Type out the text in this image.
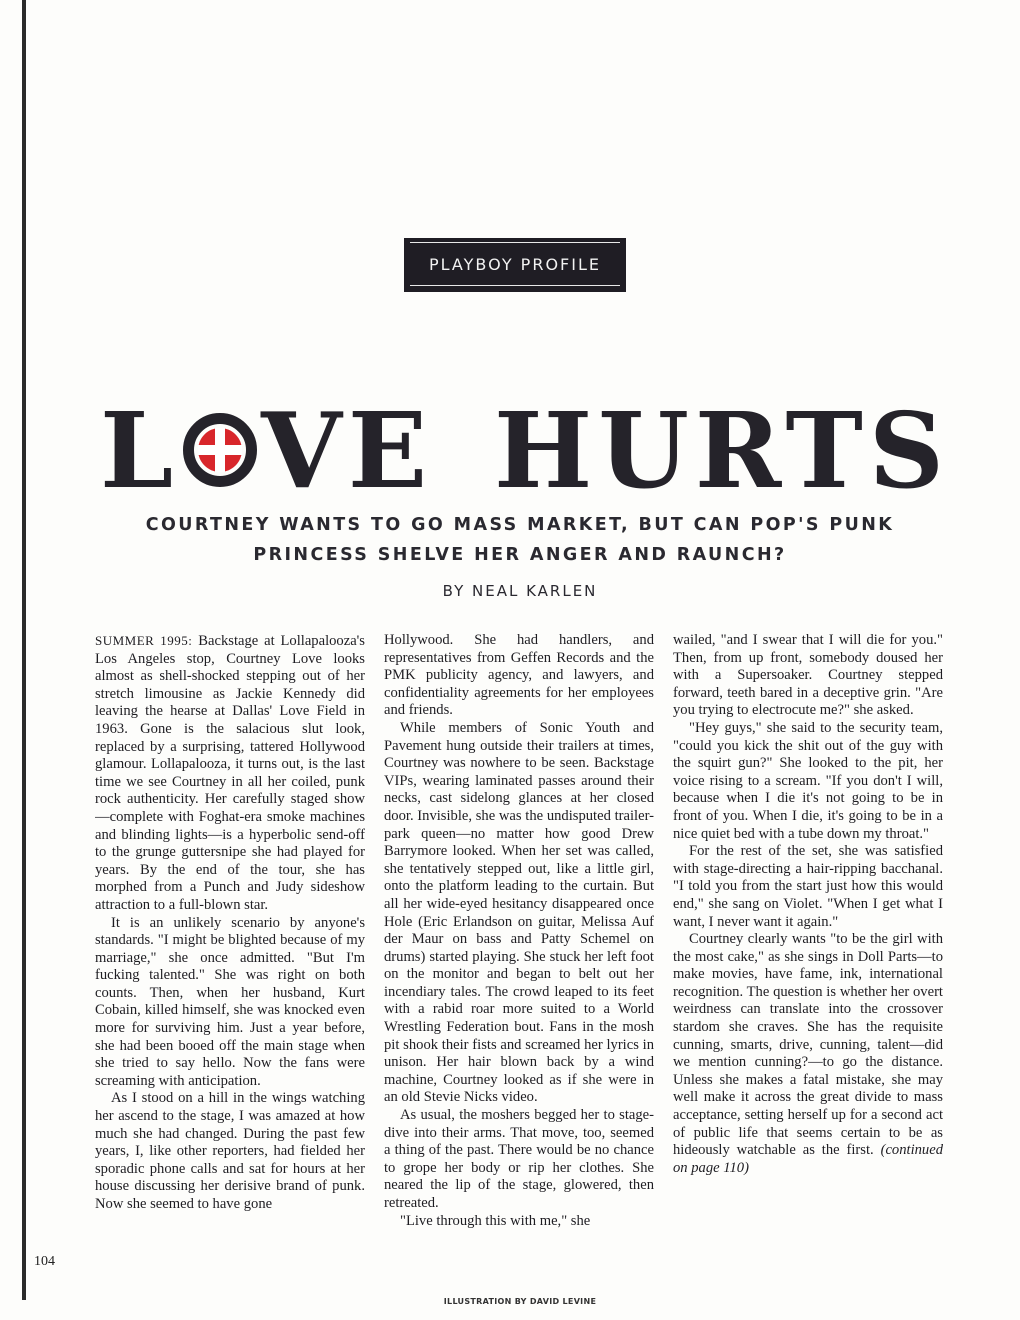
PLAYBOY PROFILE
L VE HURTS
COURTNEY WANTS TO GO MASS MARKET, BUT CAN POP'S PUNK
PRINCESS SHELVE HER ANGER AND RAUNCH?
BY NEAL KARLEN

SUMMER 1995: Backstage at Lollapalooza's Los Angeles stop, Courtney Love looks almost as shell-shocked stepping out of her stretch limousine as Jackie Kennedy did leaving the hearse at Dallas' Love Field in 1963. Gone is the salacious slut look, replaced by a surprising, tattered Hollywood glamour. Lollapalooza, it turns out, is the last time we see Courtney in all her coiled, punk rock authenticity. Her carefully staged show—complete with Foghat-era smoke machines and blinding lights—is a hyperbolic send-off to the grunge guttersnipe she had played for years. By the end of the tour, she has morphed from a Punch and Judy sideshow attraction to a full-blown star.

It is an unlikely scenario by anyone's standards. "I might be blighted because of my marriage," she once admitted. "But I'm fucking talented." She was right on both counts. Then, when her husband, Kurt Cobain, killed himself, she was knocked even more for surviving him. Just a year before, she had been booed off the main stage when she tried to say hello. Now the fans were screaming with anticipation.

As I stood on a hill in the wings watching her ascend to the stage, I was amazed at how much she had changed. During the past few years, I, like other reporters, had fielded her sporadic phone calls and sat for hours at her house discussing her derisive brand of punk. Now she seemed to have gone

Hollywood. She had handlers, and representatives from Geffen Records and the PMK publicity agency, and lawyers, and confidentiality agreements for her employees and friends.

While members of Sonic Youth and Pavement hung outside their trailers at times, Courtney was nowhere to be seen. Backstage VIPs, wearing laminated passes around their necks, cast sidelong glances at her closed door. Invisible, she was the undisputed trailer-park queen—no matter how good Drew Barrymore looked. When her set was called, she tentatively stepped out, like a little girl, onto the platform leading to the curtain. But all her wide-eyed hesitancy disappeared once Hole (Eric Erlandson on guitar, Melissa Auf der Maur on bass and Patty Schemel on drums) started playing. She stuck her left foot on the monitor and began to belt out her incendiary tales. The crowd leaped to its feet with a rabid roar more suited to a World Wrestling Federation bout. Fans in the mosh pit shook their fists and screamed her lyrics in unison. Her hair blown back by a wind machine, Courtney looked as if she were in an old Stevie Nicks video.

As usual, the moshers begged her to stage-dive into their arms. That move, too, seemed a thing of the past. There would be no chance to grope her body or rip her clothes. She neared the lip of the stage, glowered, then retreated.

"Live through this with me," she

wailed, "and I swear that I will die for you." Then, from up front, somebody doused her with a Supersoaker. Courtney stepped forward, teeth bared in a deceptive grin. "Are you trying to electrocute me?" she asked.

"Hey guys," she said to the security team, "could you kick the shit out of the guy with the squirt gun?" She looked to the pit, her voice rising to a scream. "If you don't I will, because when I die it's not going to be in front of you. When I die, it's going to be in a nice quiet bed with a tube down my throat."

For the rest of the set, she was satisfied with stage-directing a hair-ripping bacchanal. "I told you from the start just how this would end," she sang on Violet. "When I get what I want, I never want it again."

Courtney clearly wants "to be the girl with the most cake," as she sings in Doll Parts—to make movies, have fame, ink, international recognition. The question is whether her overt weirdness can translate into the crossover stardom she craves. She has the requisite cunning, smarts, drive, cunning, talent—did we mention cunning?—to go the distance. Unless she makes a fatal mistake, she may well make it across the great divide to mass acceptance, setting herself up for a second act of public life that seems certain to be as hideously watchable as the first. (continued on page 110)

104
ILLUSTRATION BY DAVID LEVINE
